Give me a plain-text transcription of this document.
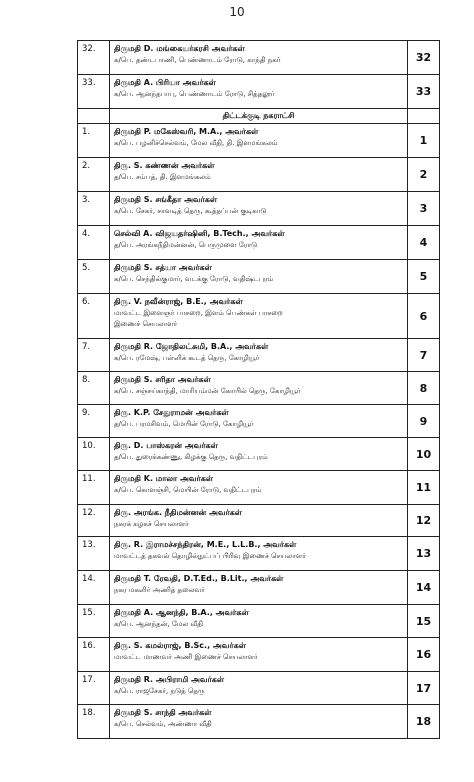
10
32.	திருமதி D. மங்கையர்கரசி அவர்கள்
க/பெ. தண்டபாணி, பெண்ணாடம் ரோடு, காந்தி நகர்	32
33.	திருமதி A. பிரியா அவர்கள்
க/பெ. ஆனந்தபாபு, பெண்ணாடம் ரோடு, சித்தலூர்	33
	திட்டக்குடி நகராட்சி	
1.	திருமதி P. மகேஸ்வரி, M.A., அவர்கள்
க/பெ. பழனிச்செல்வம், மேல வீதி, தி. இளமங்கலம்	1
2.	திரு. S. கண்ணன் அவர்கள்
த/பெ. சம்பத், தி. இளமங்கலம்	2
3.	திருமதி S. சங்கீதா அவர்கள்
க/பெ. சேகர், சாவடித் தெரு, கூத்தப்பன் குடிகாடு	3
4.	செல்வி A. விஜயதர்ஷினி, B.Tech., அவர்கள்
த/பெ. அரங்கநீதிமன்னன், பெருமுளை ரோடு	4
5.	திருமதி S. சத்யா அவர்கள்
க/பெ. செந்தில்குமார், வடக்கு ரோடு, வதிஷ்டபுரம்	5
6.	திரு. V. நவீன்ராஜ், B.E., அவர்கள்
மாவட்ட இளைஞர் பாசறை, இளம் பெண்கள் பாசறை
இணைச் செயலாளர்	6
7.	திருமதி R. ஜோதிலட்சுமி, B.A., அவர்கள்
க/பெ. ரமேஷ், பள்ளிக் கூடத் தெரு, கோழியூர்	7
8.	திருமதி S. சரிதா அவர்கள்
க/பெ. சஞ்சய்காந்தி, மாரியம்மன் கோயில் தெரு, கோழியூர்	8
9.	திரு. K.P. சேதுராமன் அவர்கள்
த/பெ. பரமசிவம், மெயின் ரோடு, கோழியூர்	9
10.	திரு. D. பாஸ்கரன் அவர்கள்
த/பெ. துரைக்கண்ணு, கிழக்கு தெரு, வதிட்டபுரம்	10
11.	திருமதி K. மாலா அவர்கள்
க/பெ. கொளஞ்சி, மெயின் ரோடு, வதிட்டபுரம்	11
12.	திரு. அரங்க. நீதிமன்னன் அவர்கள்
நகரக் கழகச் செயலாளர்	12
13.	திரு. R. இராமச்சந்திரன், M.E., L.L.B., அவர்கள்
மாவட்டத் தகவல் தொழில்நுட்பப் பிரிவு இணைச் செயலாளர்	13
14.	திருமதி T. ரேவதி, D.T.Ed., B.Lit., அவர்கள்
நகர மகளிர் அணித் தலைவர்	14
15.	திருமதி A. ஆனந்தி, B.A., அவர்கள்
க/பெ. ஆனந்தன், மேல வீதி	15
16.	திரு. S. கமல்ராஜ், B.Sc., அவர்கள்
மாவட்ட மாணவர் அணி இணைச் செயலாளர்	16
17.	திருமதி R. அபிராமி அவர்கள்
க/பெ. ராஜசேகர், நடுத் தெரு	17
18.	திருமதி S. சாந்தி அவர்கள்
க/பெ. செல்வம், அண்ணா வீதி	18
